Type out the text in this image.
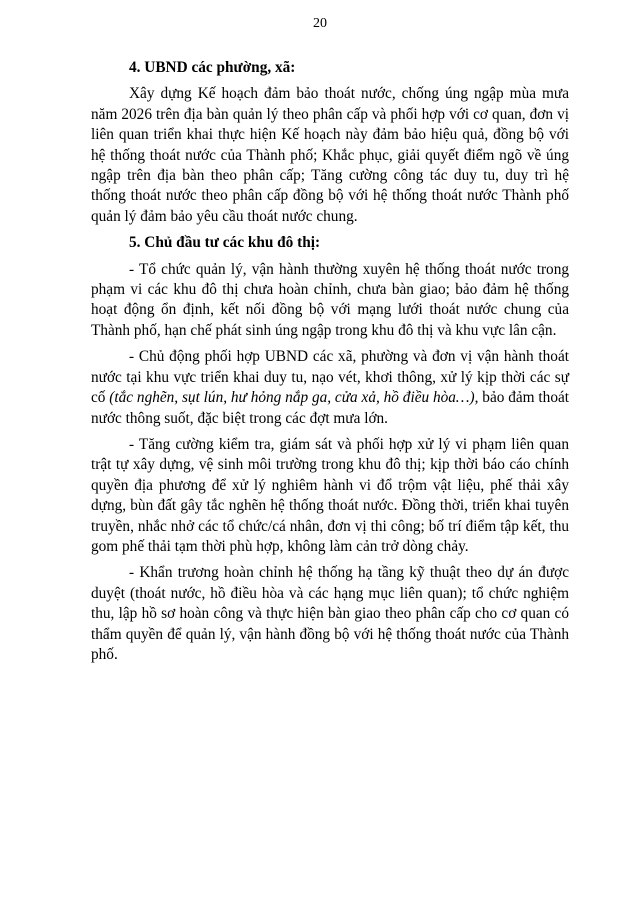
20

4. UBND các phường, xã:

Xây dựng Kế hoạch đảm bảo thoát nước, chống úng ngập mùa mưa năm 2026 trên địa bàn quản lý theo phân cấp và phối hợp với cơ quan, đơn vị liên quan triển khai thực hiện Kế hoạch này đảm bảo hiệu quả, đồng bộ với hệ thống thoát nước của Thành phố; Khắc phục, giải quyết điểm ngõ về úng ngập trên địa bàn theo phân cấp; Tăng cường công tác duy tu, duy trì hệ thống thoát nước theo phân cấp đồng bộ với hệ thống thoát nước Thành phố quản lý đảm bảo yêu cầu thoát nước chung.

5. Chủ đầu tư các khu đô thị:

- Tổ chức quản lý, vận hành thường xuyên hệ thống thoát nước trong phạm vi các khu đô thị chưa hoàn chỉnh, chưa bàn giao; bảo đảm hệ thống hoạt động ổn định, kết nối đồng bộ với mạng lưới thoát nước chung của Thành phố, hạn chế phát sinh úng ngập trong khu đô thị và khu vực lân cận.

- Chủ động phối hợp UBND các xã, phường và đơn vị vận hành thoát nước tại khu vực triển khai duy tu, nạo vét, khơi thông, xử lý kịp thời các sự cố (tắc nghẽn, sụt lún, hư hỏng nắp ga, cửa xả, hồ điều hòa…), bảo đảm thoát nước thông suốt, đặc biệt trong các đợt mưa lớn.

- Tăng cường kiểm tra, giám sát và phối hợp xử lý vi phạm liên quan trật tự xây dựng, vệ sinh môi trường trong khu đô thị; kịp thời báo cáo chính quyền địa phương để xử lý nghiêm hành vi đổ trộm vật liệu, phế thải xây dựng, bùn đất gây tắc nghẽn hệ thống thoát nước. Đồng thời, triển khai tuyên truyền, nhắc nhở các tổ chức/cá nhân, đơn vị thi công; bố trí điểm tập kết, thu gom phế thải tạm thời phù hợp, không làm cản trở dòng chảy.

- Khẩn trương hoàn chỉnh hệ thống hạ tầng kỹ thuật theo dự án được duyệt (thoát nước, hồ điều hòa và các hạng mục liên quan); tổ chức nghiệm thu, lập hồ sơ hoàn công và thực hiện bàn giao theo phân cấp cho cơ quan có thẩm quyền để quản lý, vận hành đồng bộ với hệ thống thoát nước của Thành phố.
